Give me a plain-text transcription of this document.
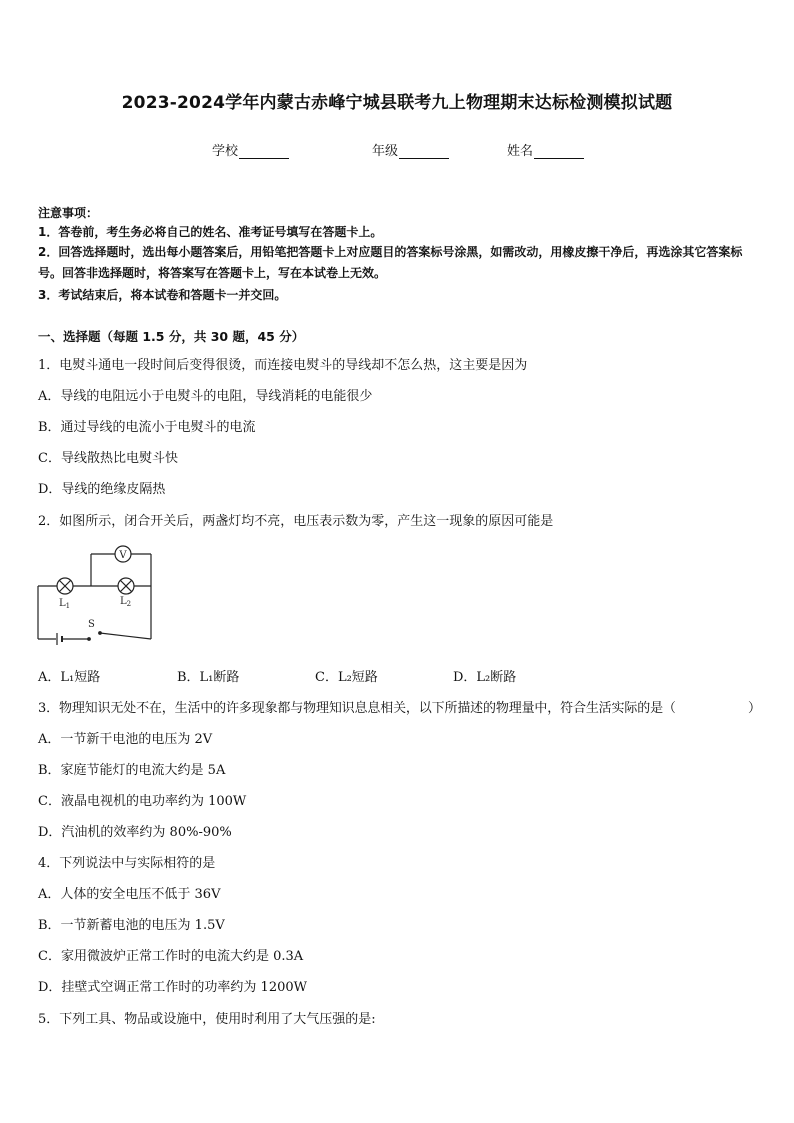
2023-2024学年内蒙古赤峰宁城县联考九上物理期末达标检测模拟试题
学校	年级	姓名
注意事项：
1．答卷前，考生务必将自己的姓名、准考证号填写在答题卡上。
2．回答选择题时，选出每小题答案后，用铅笔把答题卡上对应题目的答案标号涂黑，如需改动，用橡皮擦干净后，再选涂其它答案标号。回答非选择题时，将答案写在答题卡上，写在本试卷上无效。
3．考试结束后，将本试卷和答题卡一并交回。
一、选择题（每题 1.5 分，共 30 题，45 分）
1．电熨斗通电一段时间后变得很烫，而连接电熨斗的导线却不怎么热，这主要是因为
A．导线的电阻远小于电熨斗的电阻，导线消耗的电能很少
B．通过导线的电流小于电熨斗的电流
C．导线散热比电熨斗快
D．导线的绝缘皮隔热
2．如图所示，闭合开关后，两盏灯均不亮，电压表示数为零，产生这一现象的原因可能是
V
S
$L_1$	$L_2$
A．L₁短路	B．L₁断路	C．L₂短路	D．L₂断路
3．物理知识无处不在，生活中的许多现象都与物理知识息息相关，以下所描述的物理量中，符合生活实际的是（	）
A．一节新干电池的电压为 2V
B．家庭节能灯的电流大约是 5A
C．液晶电视机的电功率约为 100W
D．汽油机的效率约为 80%-90%
4．下列说法中与实际相符的是
A．人体的安全电压不低于 36V
B．一节新蓄电池的电压为 1.5V
C．家用微波炉正常工作时的电流大约是 0.3A
D．挂壁式空调正常工作时的功率约为 1200W
5．下列工具、物品或设施中，使用时利用了大气压强的是:
